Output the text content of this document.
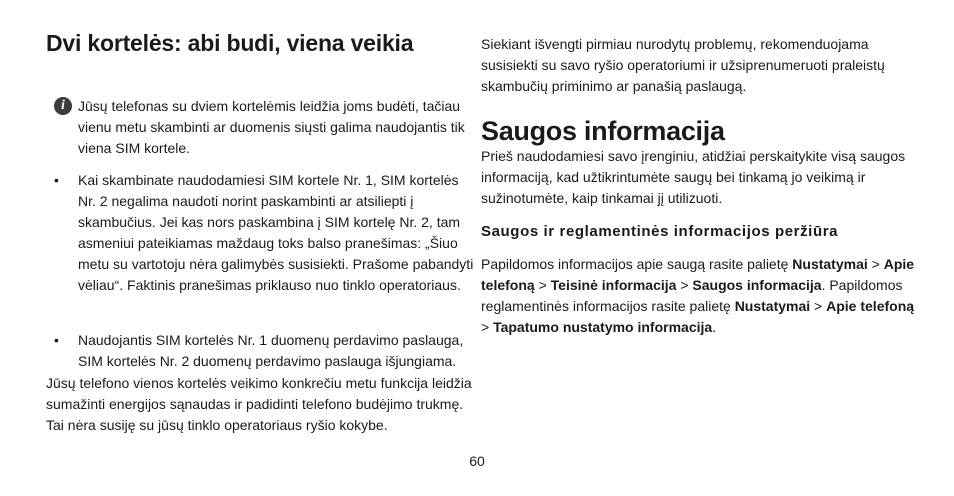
Dvi kortelės: abi budi, viena veikia
i Jūsų telefonas su dviem kortelėmis leidžia joms budėti, tačiau vienu metu skambinti ar duomenis siųsti galima naudojantis tik viena SIM kortele.

• Kai skambinate naudodamiesi SIM kortele Nr. 1, SIM kortelės Nr. 2 negalima naudoti norint paskambinti ar atsiliepti į skambučius. Jei kas nors paskambina į SIM kortelę Nr. 2, tam asmeniui pateikiamas maždaug toks balso pranešimas: „Šiuo metu su vartotoju nėra galimybės susisiekti. Prašome pabandyti vėliau“. Faktinis pranešimas priklauso nuo tinklo operatoriaus.

• Naudojantis SIM kortelės Nr. 1 duomenų perdavimo paslauga, SIM kortelės Nr. 2 duomenų perdavimo paslauga išjungiama.

Jūsų telefono vienos kortelės veikimo konkrečiu metu funkcija leidžia sumažinti energijos sąnaudas ir padidinti telefono budėjimo trukmę. Tai nėra susiję su jūsų tinklo operatoriaus ryšio kokybe.

Siekiant išvengti pirmiau nurodytų problemų, rekomenduojama susisiekti su savo ryšio operatoriumi ir užsiprenumeruoti praleistų skambučių priminimo ar panašią paslaugą.

Saugos informacija

Prieš naudodamiesi savo įrenginiu, atidžiai perskaitykite visą saugos informaciją, kad užtikrintumėte saugų bei tinkamą jo veikimą ir sužinotumėte, kaip tinkamai jį utilizuoti.

Saugos ir reglamentinės informacijos peržiūra

Papildomos informacijos apie saugą rasite palietę Nustatymai > Apie telefoną > Teisinė informacija > Saugos informacija. Papildomos reglamentinės informacijos rasite palietę Nustatymai > Apie telefoną > Tapatumo nustatymo informacija.

60
